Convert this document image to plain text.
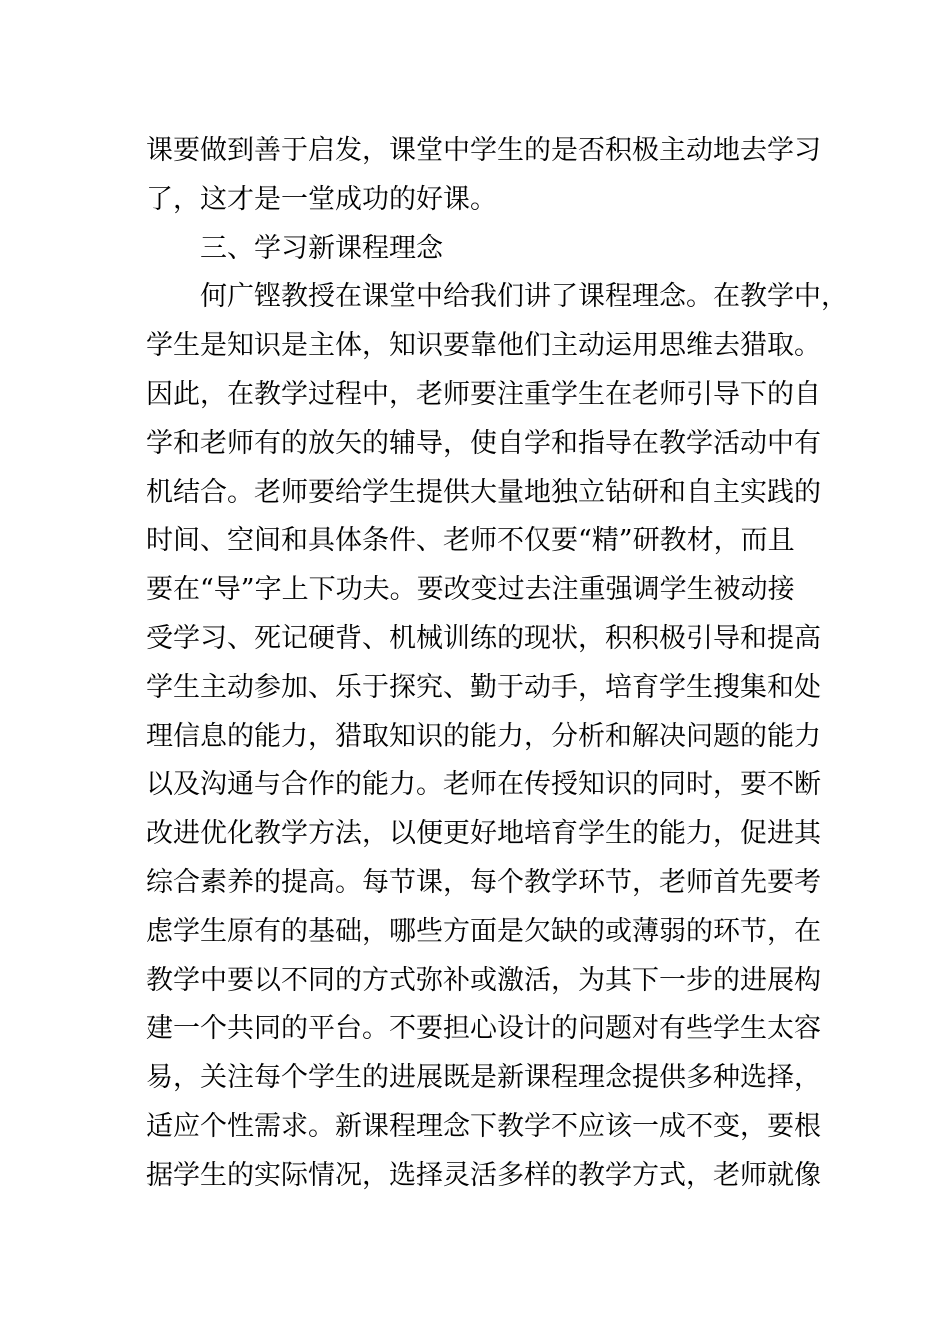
课要做到善于启发，课堂中学生的是否积极主动地去学习
了，这才是一堂成功的好课。
三、学习新课程理念
何广铿教授在课堂中给我们讲了课程理念。在教学中，
学生是知识是主体，知识要靠他们主动运用思维去猎取。
因此，在教学过程中，老师要注重学生在老师引导下的自
学和老师有的放矢的辅导，使自学和指导在教学活动中有
机结合。老师要给学生提供大量地独立钻研和自主实践的
时间、空间和具体条件、老师不仅要“精”研教材，而且
要在“导”字上下功夫。要改变过去注重强调学生被动接
受学习、死记硬背、机械训练的现状，积积极引导和提高
学生主动参加、乐于探究、勤于动手，培育学生搜集和处
理信息的能力，猎取知识的能力，分析和解决问题的能力
以及沟通与合作的能力。老师在传授知识的同时，要不断
改进优化教学方法，以便更好地培育学生的能力，促进其
综合素养的提高。每节课，每个教学环节，老师首先要考
虑学生原有的基础，哪些方面是欠缺的或薄弱的环节，在
教学中要以不同的方式弥补或激活，为其下一步的进展构
建一个共同的平台。不要担心设计的问题对有些学生太容
易，关注每个学生的进展既是新课程理念提供多种选择，
适应个性需求。新课程理念下教学不应该一成不变，要根
据学生的实际情况，选择灵活多样的教学方式，老师就像
